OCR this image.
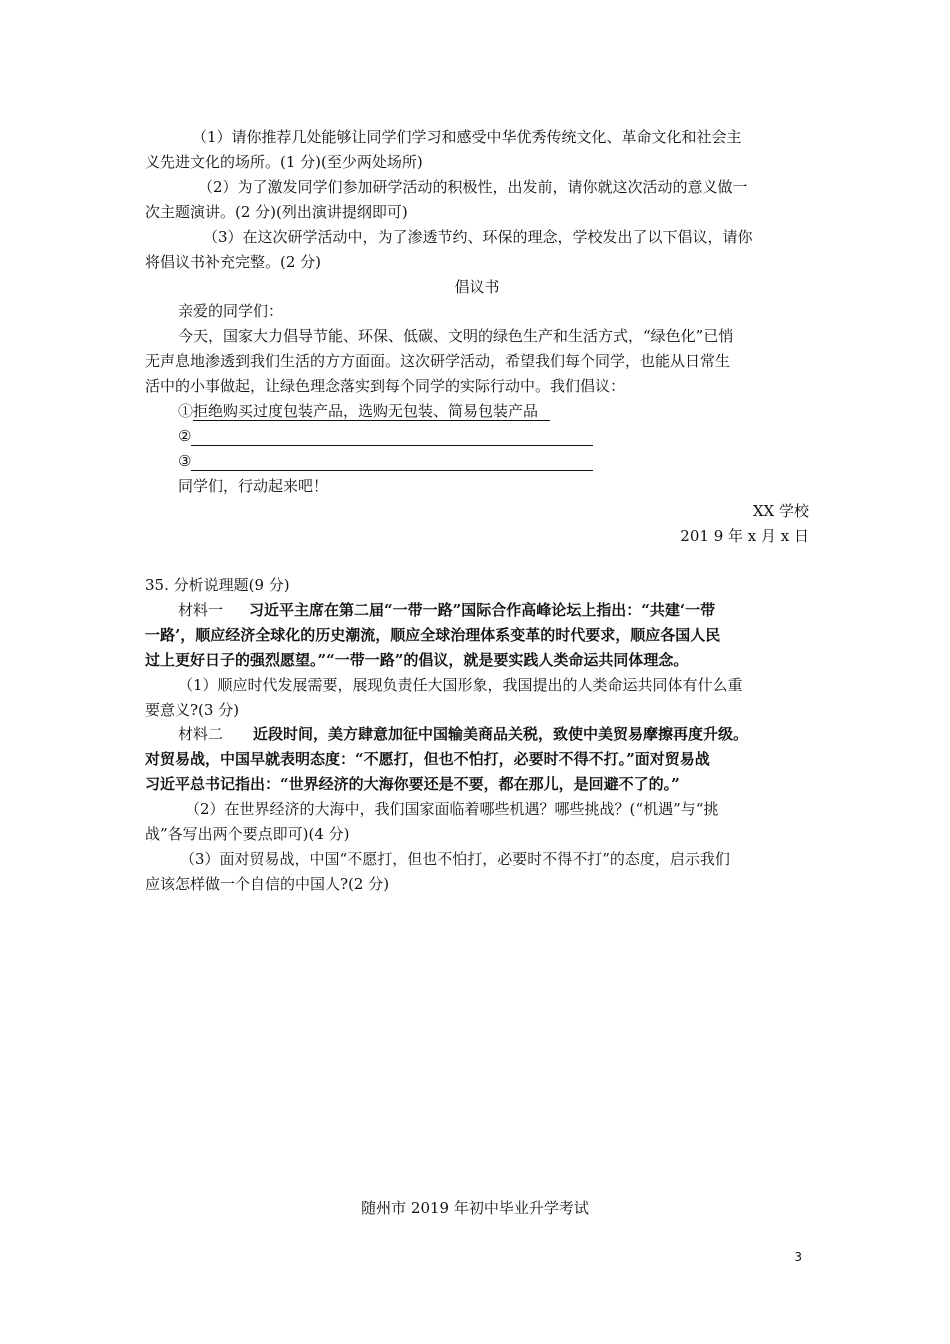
（1）请你推荐几处能够让同学们学习和感受中华优秀传统文化、革命文化和社会主
义先进文化的场所。(1 分)(至少两处场所)
（2）为了激发同学们参加研学活动的积极性，出发前，请你就这次活动的意义做一
次主题演讲。(2 分)(列出演讲提纲即可)
（3）在这次研学活动中，为了渗透节约、环保的理念，学校发出了以下倡议，请你
将倡议书补充完整。(2 分)
倡议书
亲爱的同学们：
今天，国家大力倡导节能、环保、低碳、文明的绿色生产和生活方式，“绿色化”已悄
无声息地渗透到我们生活的方方面面。这次研学活动，希望我们每个同学，也能从日常生
活中的小事做起，让绿色理念落实到每个同学的实际行动中。我们倡议：
①拒绝购买过度包装产品，选购无包装、简易包装产品
②
③
同学们，行动起来吧！
XX 学校
201 9 年 x 月 x 日
35. 分析说理题(9 分)
材料一 习近平主席在第二届“一带一路”国际合作高峰论坛上指出：“共建‘一带
一路’，顺应经济全球化的历史潮流，顺应全球治理体系变革的时代要求，顺应各国人民
过上更好日子的强烈愿望。”“一带一路”的倡议，就是要实践人类命运共同体理念。
（1）顺应时代发展需要，展现负责任大国形象，我国提出的人类命运共同体有什么重
要意义?(3 分)
材料二 近段时间，美方肆意加征中国输美商品关税，致使中美贸易摩擦再度升级。
对贸易战，中国早就表明态度：“不愿打，但也不怕打，必要时不得不打。”面对贸易战
习近平总书记指出：“世界经济的大海你要还是不要，都在那儿，是回避不了的。”
（2）在世界经济的大海中，我们国家面临着哪些机遇？哪些挑战？(“机遇”与“挑
战”各写出两个要点即可)(4 分)
（3）面对贸易战，中国“不愿打，但也不怕打，必要时不得不打”的态度，启示我们
应该怎样做一个自信的中国人?(2 分)
随州市 2019 年初中毕业升学考试
3
